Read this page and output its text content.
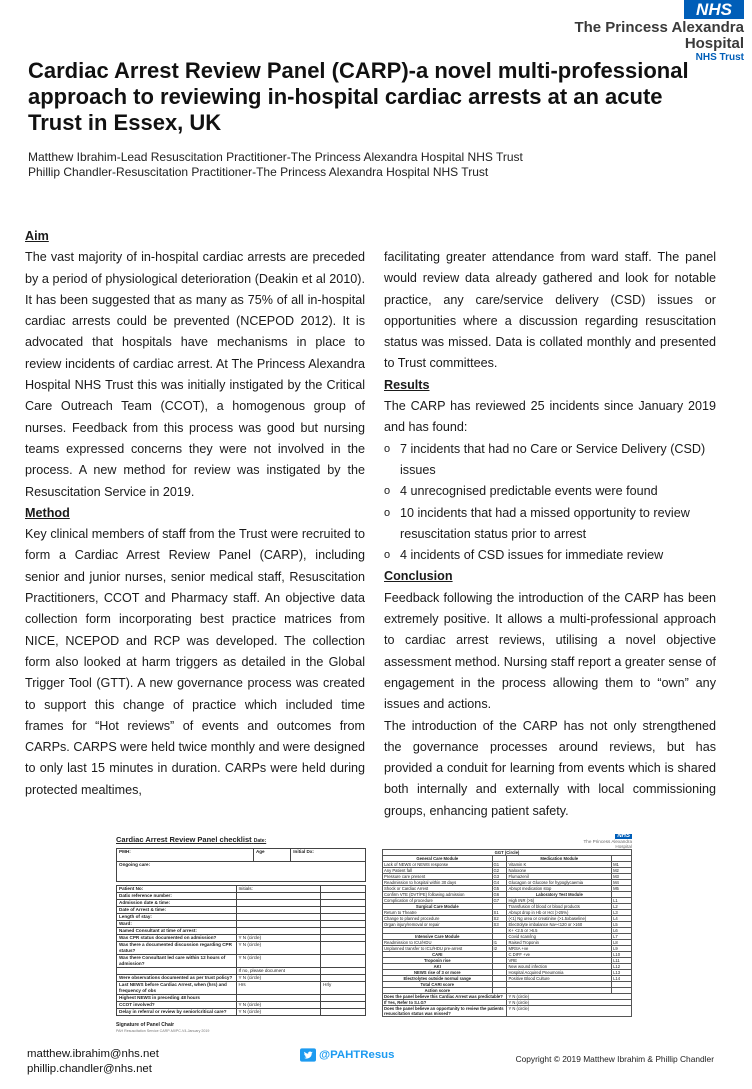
NHS
The Princess Alexandra
Hospital
NHS Trust
Cardiac Arrest Review Panel (CARP)-a novel multi-professional approach to reviewing in-hospital cardiac arrests at an acute Trust in Essex, UK
Matthew Ibrahim-Lead Resuscitation Practitioner-The Princess Alexandra Hospital NHS Trust
Phillip Chandler-Resuscitation Practitioner-The Princess Alexandra Hospital NHS Trust
Aim

The vast majority of in-hospital cardiac arrests are preceded by a period of physiological deterioration (Deakin et al 2010). It has been suggested that as many as 75% of all in-hospital cardiac arrests could be prevented (NCEPOD 2012). It is advocated that hospitals have mechanisms in place to review incidents of cardiac arrest. At The Princess Alexandra Hospital NHS Trust this was initially instigated by the Critical Care Outreach Team (CCOT), a homogenous group of nurses. Feedback from this process was good but nursing teams expressed concerns they were not involved in the process. A new method for review was instigated by the Resuscitation Service in 2019.

Method

Key clinical members of staff from the Trust were recruited to form a Cardiac Arrest Review Panel (CARP), including senior and junior nurses, senior medical staff, Resuscitation Practitioners, CCOT and Pharmacy staff. An objective data collection form incorporating best practice matrices from NICE, NCEPOD and RCP was developed. The collection form also looked at harm triggers as detailed in the Global Trigger Tool (GTT). A new governance process was created to support this change of practice which included time frames for “Hot reviews” of events and outcomes from CARPs. CARPS were held twice monthly and were designed to only last 15 minutes in duration. CARPs were held during protected mealtimes,

facilitating greater attendance from ward staff. The panel would review data already gathered and look for notable practice, any care/service delivery (CSD) issues or opportunities where a discussion regarding resuscitation status was missed. Data is collated monthly and presented to Trust committees.

Results

The CARP has reviewed 25 incidents since January 2019 and has found:

o 7 incidents that had no Care or Service Delivery (CSD) issues
o 4 unrecognised predictable events were found
o 10 incidents that had a missed opportunity to review resuscitation status prior to arrest
o 4 incidents of CSD issues for immediate review
Conclusion

Feedback following the introduction of the CARP has been extremely positive. It allows a multi-professional approach to cardiac arrest reviews, utilising a novel objective assessment method. Nursing staff report a greater sense of engagement in the process allowing them to “own” any issues and actions.

The introduction of the CARP has not only strengthened the governance processes around reviews, but has provided a conduit for learning from events which is shared both internally and externally with local commissioning groups, enhancing patient safety.

Cardiac Arrest Review Panel checklist Date:
PMH:	Age	Initial Dx:
Ongoing care:
Patient No:	Initials:	
Datix reference number:		
Admission date & time:		
Date of Arrest & time:		
Length of stay:		
Ward:		
Named Consultant at time of arrest:		
Was CPR status documented on admission?	Y N (circle)	
Was there a documented discussion regarding CPR status?	Y N (circle)	
Was there Consultant led care within 12 hours of admission?	Y N (circle)	
	If no, please document	
Were observations documented as per trust policy?	Y N (circle)	
Last NEWS before Cardiac Arrest, when (hrs) and frequency of obs	Hrs	Hrly
Highest NEWS in preceding 48 hours		
CCOT involved?	Y N (circle)	
Delay in referral or review by senior/critical care?	Y N (circle)	
Signature of Panel Chair
PAH Resuscitation Service CARP-MI/PC-V4-January 2019
NHS
The Princess Alexandra
Hospital
GGT (Circle)			
General Care Module		Medication Module	
Lack of NEWS or NEWS response	G1	Vitamin K	M1
Any Patient fall	G2	Naloxone	M2
Pressure care present	G3	Flumazenil	M3
Readmission to hospital within 30 days	G4	Glucagon or Glucose for hypoglycaemia	M4
Shock or Cardiac Arrest	G5	Abrupt medication stop	M5
Confirm VTE (DVT/PE) following admission	G6	Laboratory Test Module	
Complication of procedure	G7	High INR (>5)	L1
Surgical Care Module		Transfusion of blood or blood products	L2
Return to Theatre	S1	Abrupt drop in Hb or Hct (>25%)	L3
Change to planned procedure	S2	(<1) Ng urea or creatinine (>1.5xbaseline)	L4
Organ injury/removal or repair	S3	Electrolyte imbalance Na+<120 or >160	L5
		K+ <2.5 or >6.5	L6
Intensive Care Module		Covid scan/ing	L7
Readmission to ICU/HDU	I1	Raised Troponin	L8
Unplanned transfer to ICU/HDU pre-arrest	I2	MRSA +ve	L9
CARI		C DIFF +ve	L10
Troponin rise		VRE	L11
AKI		New wound infection	L12
NEWS rise of 3 or more		Hospital Acquired Pneumonia	L13
Electrolytes outside normal range		Positive Blood Culture	L14
Total CARI score			
Action score			
Does the panel believe this Cardiac Arrest was predictable?		Y N (circle)	
If Yes, Refer to S.I.G?		Y N (circle)	
Does the panel believe an opportunity to review the patients resuscitation status was missed?		Y N (circle)	
matthew.ibrahim@nhs.net
phillip.chandler@nhs.net
@PAHTResus	Copyright © 2019 Matthew Ibrahim & Phillip Chandler
